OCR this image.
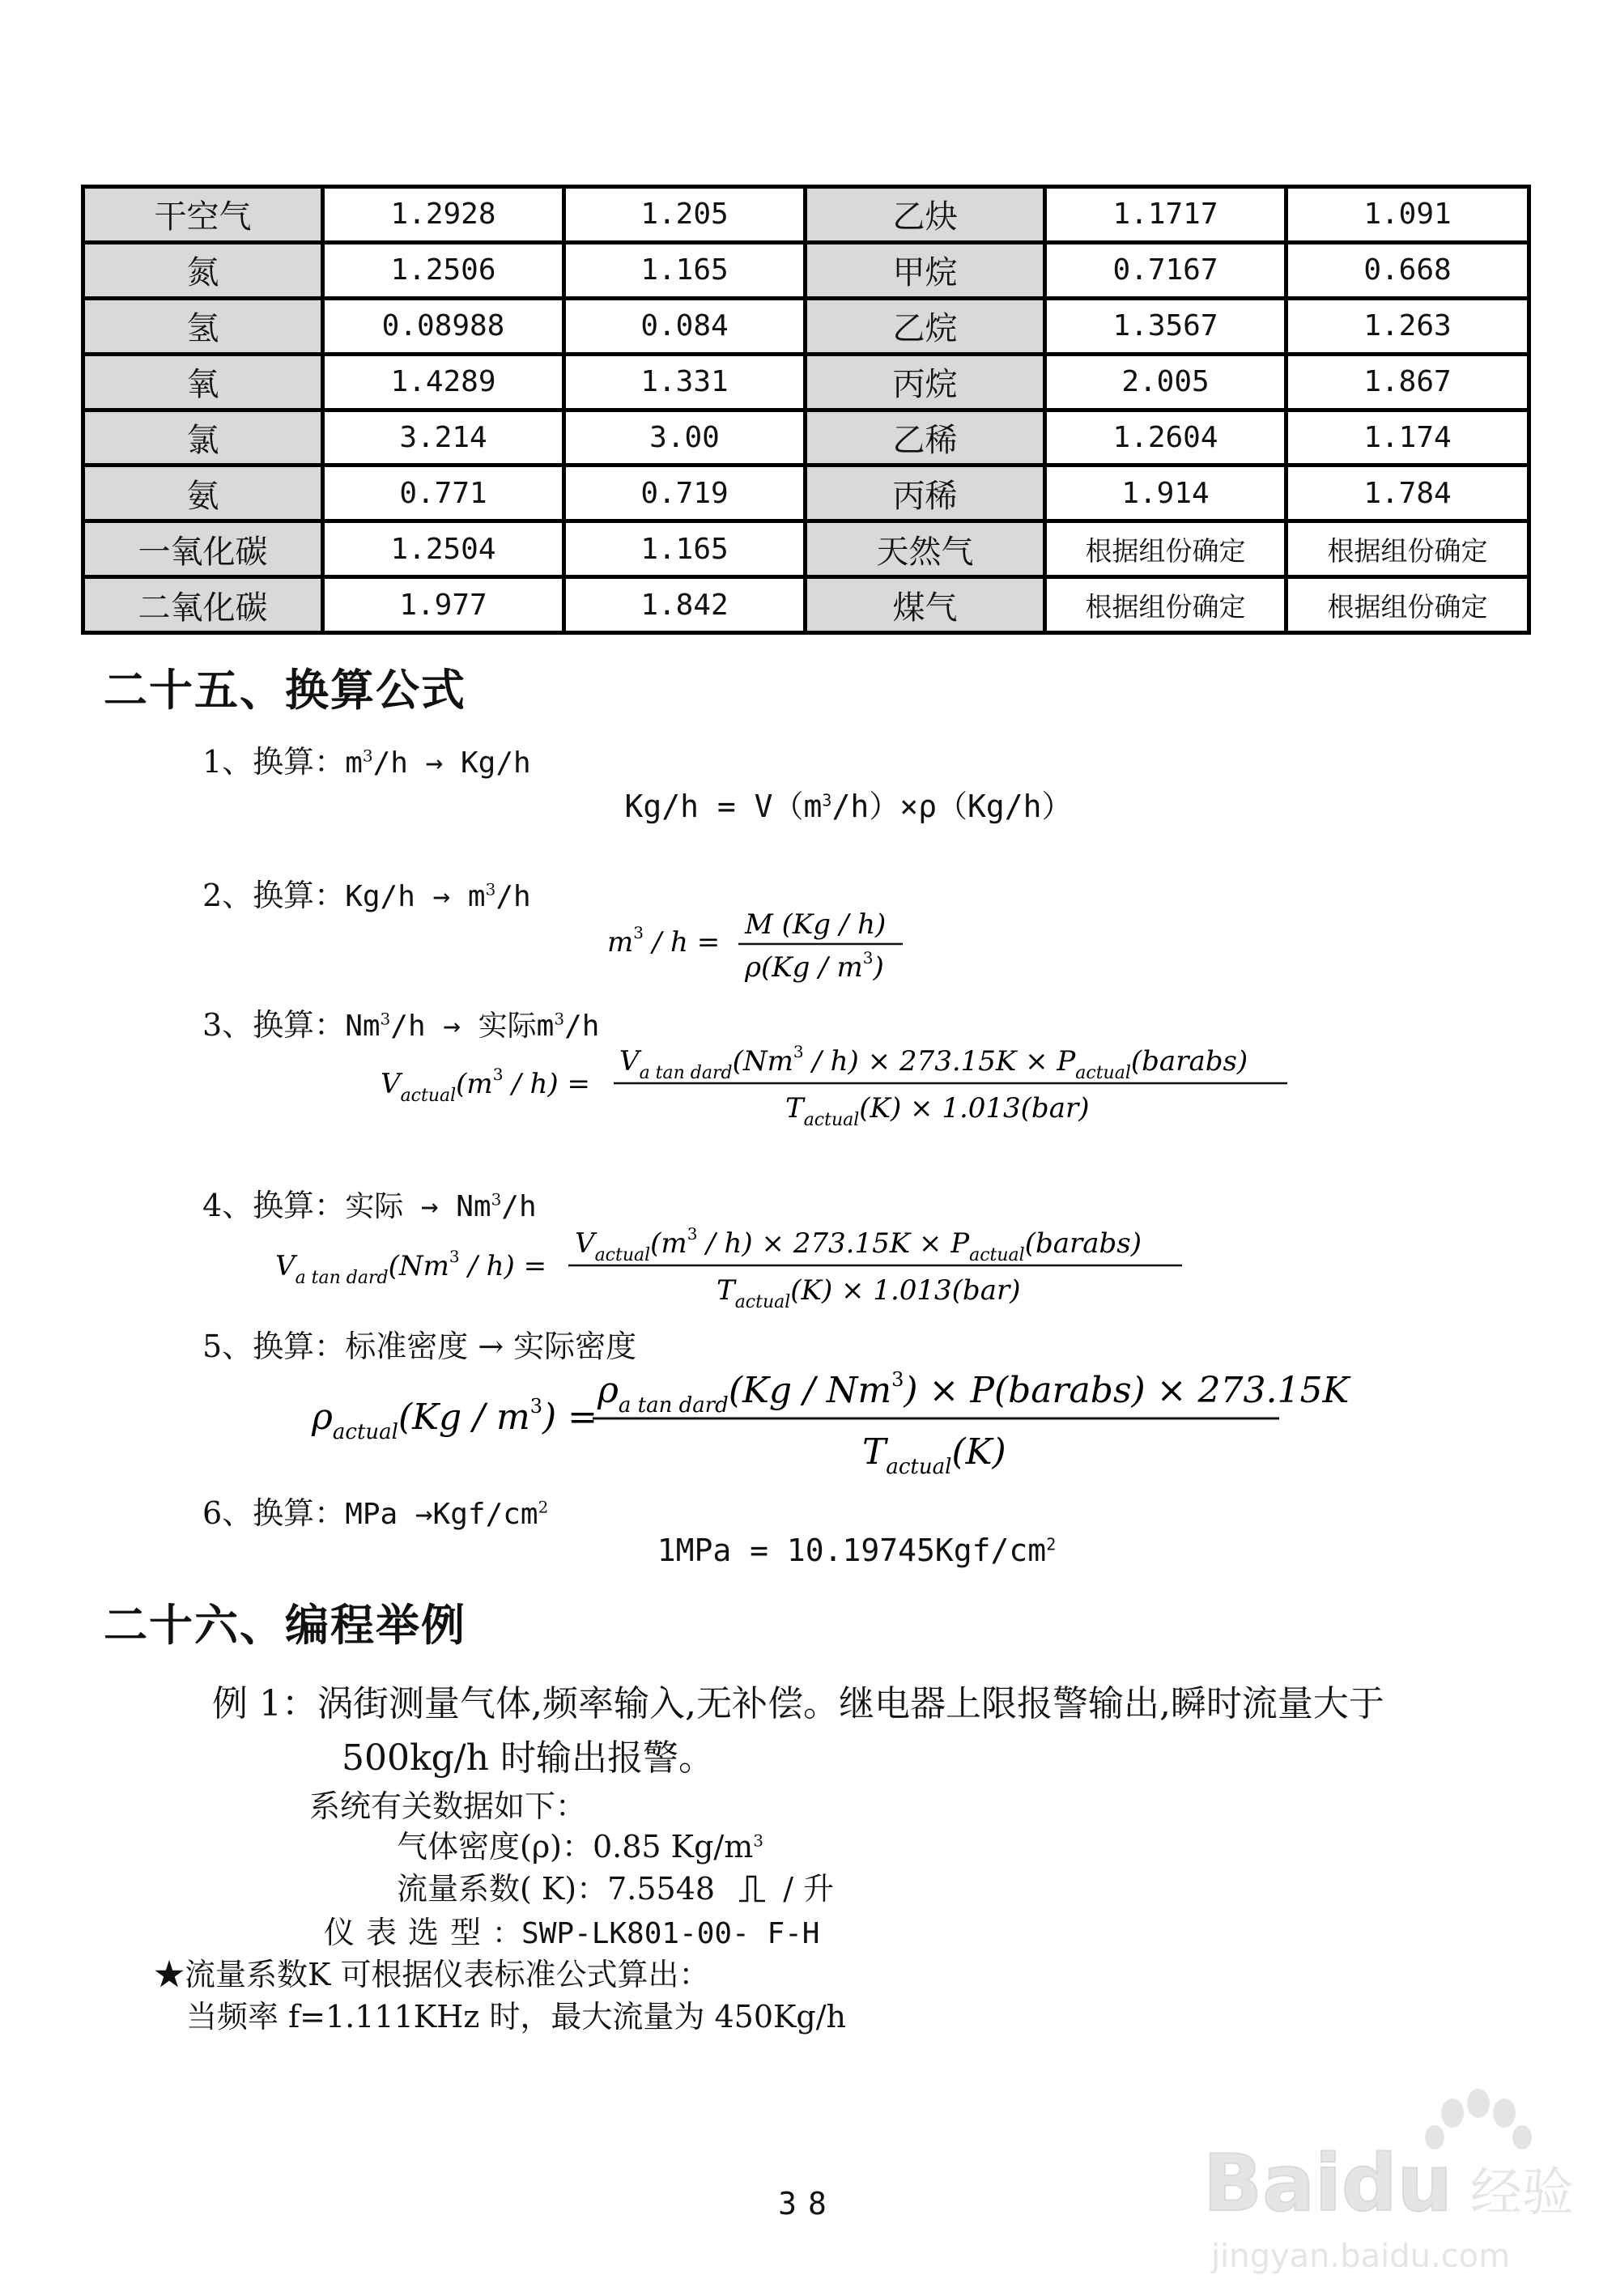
干空气	1.2928	1.205	乙炔	1.1717	1.091
氮	1.2506	1.165	甲烷	0.7167	0.668
氢	0.08988	0.084	乙烷	1.3567	1.263
氧	1.4289	1.331	丙烷	2.005	1.867
氯	3.214	3.00	乙稀	1.2604	1.174
氨	0.771	0.719	丙稀	1.914	1.784
一氧化碳	1.2504	1.165	天然气	根据组份确定	根据组份确定
二氧化碳	1.977	1.842	煤气	根据组份确定	根据组份确定
二十五、换算公式
1、换算：$m^3/h \to Kg/h$
$Kg/h = V(m^3/h)\times\rho(Kg/h)$
2、换算：$Kg/h \to m^3/h$
$m^3$ / h =
M (Kg / h)
$\rho(Kg / m^3)$
3、换算：$Nm^3/h$ → 实际$m^3/h$
$V_{actual}(m^3 / h)$ =
$V_{a tan dard}(Nm^3 / h) \times 273.15K$ × $P_{actual}(barabs)$
$T_{actual}(K) \times 1.013(bar)$
4、换算：实际 → $Nm^3/h$
$V_{a tan dard}(Nm^3 / h)$ =
$V_{actual}(m^3 / h) \times 273.15K$ × $P_{actual}(barabs)$
$T_{actual}(K) \times 1.013(bar)$
5、换算：标准密度 → 实际密度
$\rho_{actual}(Kg / m^3)$ =
$\rho_{a tan dard}(Kg / Nm^3)$ × P(barabs) × 273.15K
$T_{actual}(K)$
6、换算：MPa $\to Kgf/cm^2$
$1MPa = 10.19745Kgf/cm^2$
二十六、编程举例
例 1：涡街测量气体,频率输入,无补偿。继电器上限报警输出,瞬时流量大于
500kg/h 时输出报警。
系统有关数据如下：
气体密度(ρ)：0.85 $Kg/m^3$
流量系数( K)：7.5548 / 升
仪表选型：SWP-LK801-00- F-H
★流量系数K 可根据仪表标准公式算出：
当频率 f=1.111KHz 时，最大流量为 450Kg/h
38	Baidu 经验
jingyan.baidu.com
